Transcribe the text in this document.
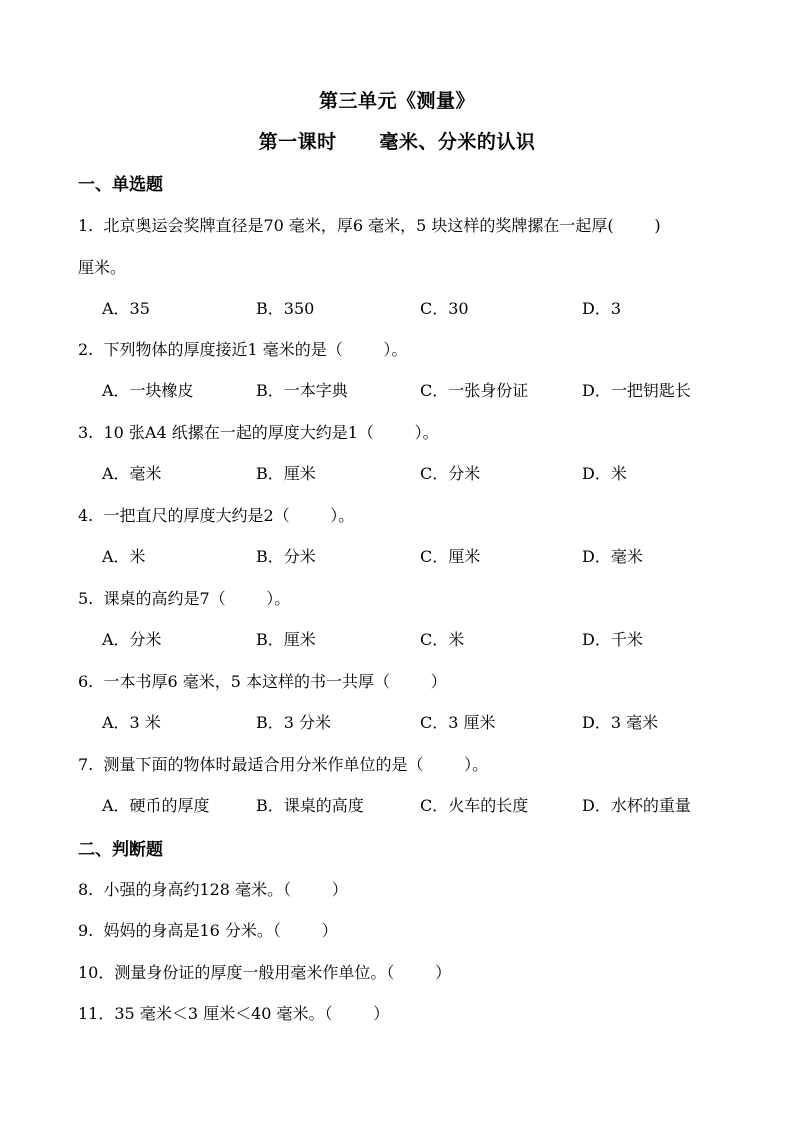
第三单元《测量》
第一课时      毫米、分米的认识
一、单选题
1.  北京奥运会奖牌直径是70 毫米，厚6 毫米，5 块这样的奖牌摞在一起厚(        )
厘米。
A．35	B．350	C．30	D．3
2. 下列物体的厚度接近1 毫米的是（        ）。
A．一块橡皮	B．一本字典	C．一张身份证	D．一把钥匙长
3. 10 张A4 纸摞在一起的厚度大约是1（        ）。
A．毫米	B．厘米	C．分米	D．米
4. 一把直尺的厚度大约是2（        ）。
A．米	B．分米	C．厘米	D．毫米
5. 课桌的高约是7（        ）。
A．分米	B．厘米	C．米	D．千米
6. 一本书厚6 毫米，5 本这样的书一共厚（        ）
A．3 米	B．3 分米	C．3 厘米	D．3 毫米
7. 测量下面的物体时最适合用分米作单位的是（        ）。
A．硬币的厚度	B．课桌的高度	C．火车的长度	D．水杯的重量
二、判断题
8. 小强的身高约128 毫米。（        ）
9. 妈妈的身高是16 分米。（        ）
10．测量身份证的厚度一般用毫米作单位。（        ）
11．35 毫米＜3 厘米＜40 毫米。（        ）
